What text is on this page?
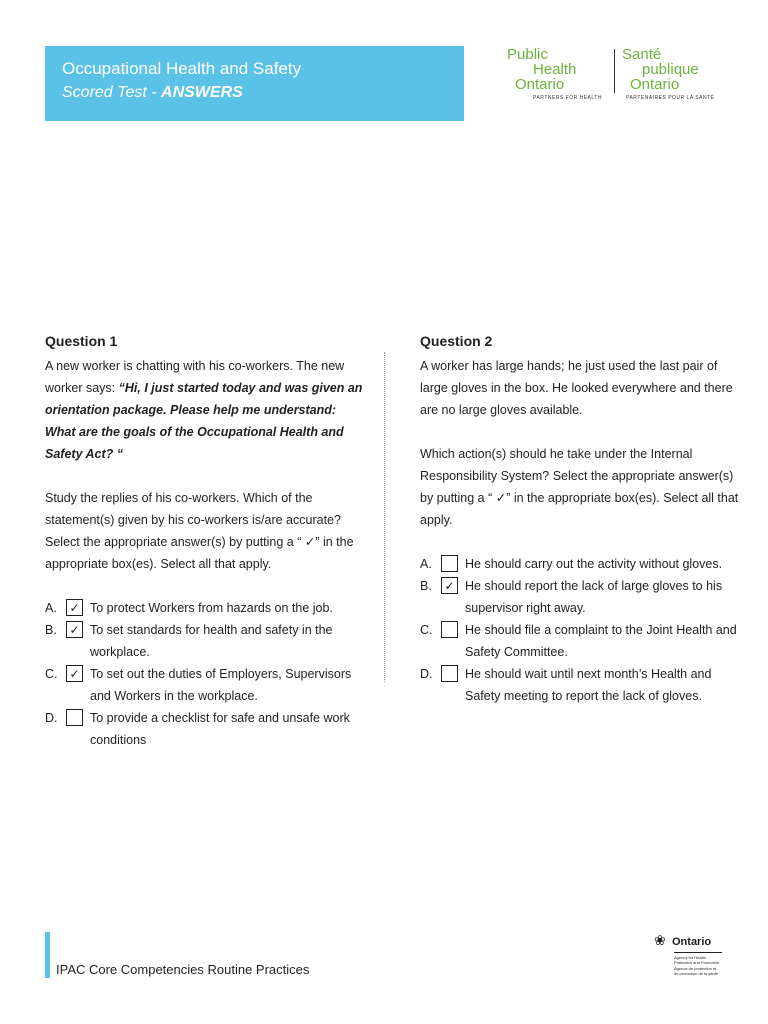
Occupational Health and Safety
Scored Test - ANSWERS
Public
Health
Ontario
Santé
publique
Ontario
PARTNERS FOR HEALTH	PARTENAIRES POUR LA SANTÉ
Question 1

A new worker is chatting with his co-workers. The new worker says: “Hi, I just started today and was given an orientation package. Please help me understand: What are the goals of the Occupational Health and Safety Act? “

Study the replies of his co-workers. Which of the statement(s) given by his co-workers is/are accurate? Select the appropriate answer(s) by putting a “ ✓” in the appropriate box(es). Select all that apply.

A. ✓ To protect Workers from hazards on the job.
B. ✓ To set standards for health and safety in the workplace.
C. ✓ To set out the duties of Employers, Supervisors and Workers in the workplace.
D.	To provide a checklist for safe and unsafe work conditions
Question 2

A worker has large hands; he just used the last pair of large gloves in the box. He looked everywhere and there are no large gloves available.

Which action(s) should he take under the Internal Responsibility System? Select the appropriate answer(s) by putting a “ ✓” in the appropriate box(es). Select all that apply.

A.	He should carry out the activity without gloves.
B. ✓ He should report the lack of large gloves to his supervisor right away.
C.	He should file a complaint to the Joint Health and Safety Committee.
D.	He should wait until next month’s Health and Safety meeting to report the lack of gloves.
IPAC Core Competencies Routine Practices
❀ Ontario
Agency for Health
Protection and Promotion
Agence de protection et
de promotion de la santé
